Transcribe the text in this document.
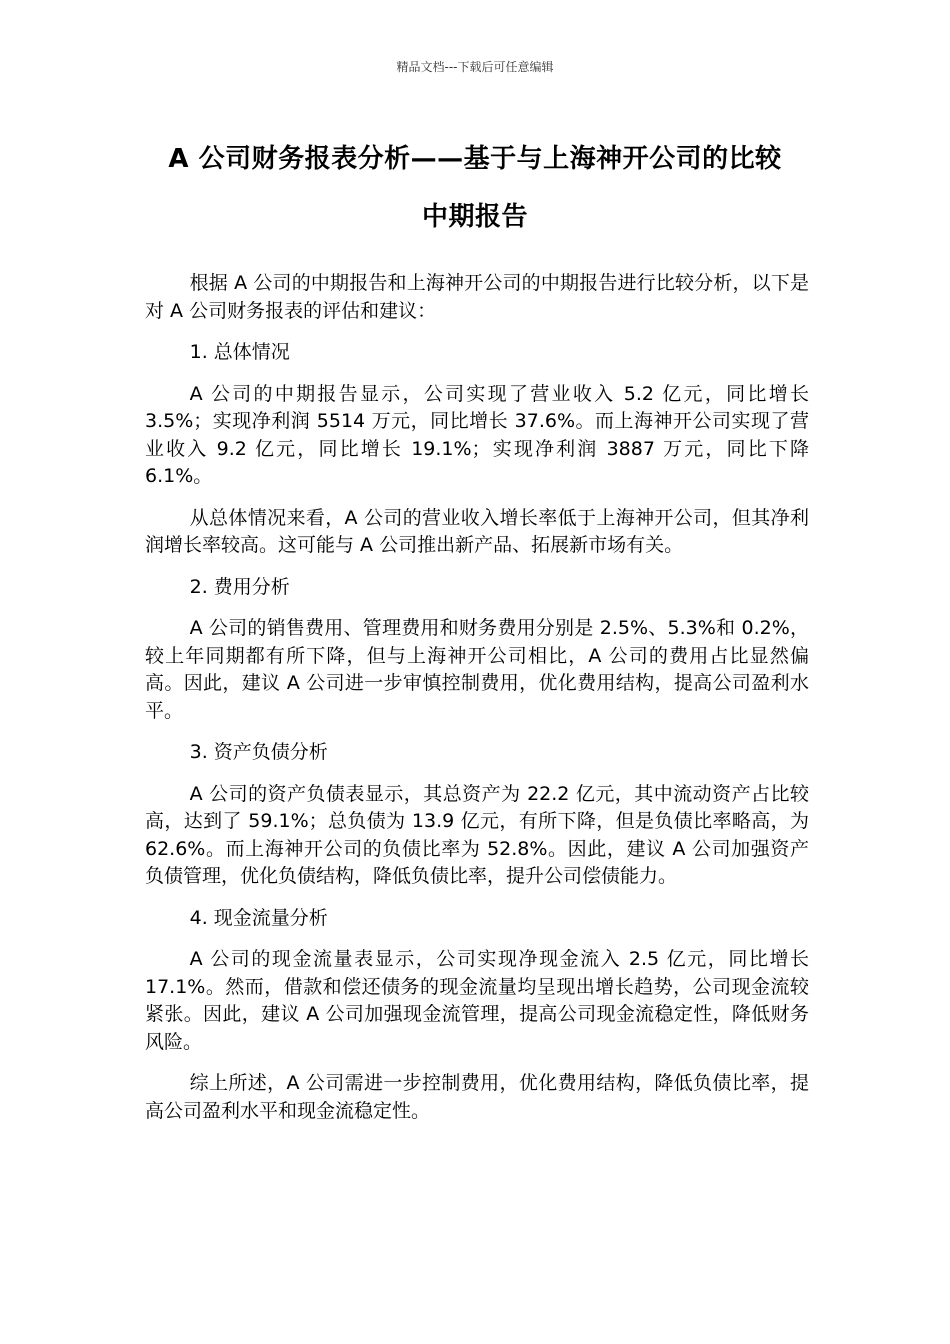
精品文档---下载后可任意编辑
A 公司财务报表分析——基于与上海神开公司的比较
中期报告

根据 A 公司的中期报告和上海神开公司的中期报告进行比较分析，以下是对 A 公司财务报表的评估和建议：

1. 总体情况

A 公司的中期报告显示，公司实现了营业收入 5.2 亿元，同比增长 3.5%；实现净利润 5514 万元，同比增长 37.6%。而上海神开公司实现了营业收入 9.2 亿元，同比增长 19.1%；实现净利润 3887 万元，同比下降 6.1%。

从总体情况来看，A 公司的营业收入增长率低于上海神开公司，但其净利润增长率较高。这可能与 A 公司推出新产品、拓展新市场有关。

2. 费用分析

A 公司的销售费用、管理费用和财务费用分别是 2.5%、5.3%和 0.2%，较上年同期都有所下降，但与上海神开公司相比，A 公司的费用占比显然偏高。因此，建议 A 公司进一步审慎控制费用，优化费用结构，提高公司盈利水平。

3. 资产负债分析

A 公司的资产负债表显示，其总资产为 22.2 亿元，其中流动资产占比较高，达到了 59.1%；总负债为 13.9 亿元，有所下降，但是负债比率略高，为 62.6%。而上海神开公司的负债比率为 52.8%。因此，建议 A 公司加强资产负债管理，优化负债结构，降低负债比率，提升公司偿债能力。

4. 现金流量分析

A 公司的现金流量表显示，公司实现净现金流入 2.5 亿元，同比增长 17.1%。然而，借款和偿还债务的现金流量均呈现出增长趋势，公司现金流较紧张。因此，建议 A 公司加强现金流管理，提高公司现金流稳定性，降低财务风险。

综上所述，A 公司需进一步控制费用，优化费用结构，降低负债比率，提高公司盈利水平和现金流稳定性。
